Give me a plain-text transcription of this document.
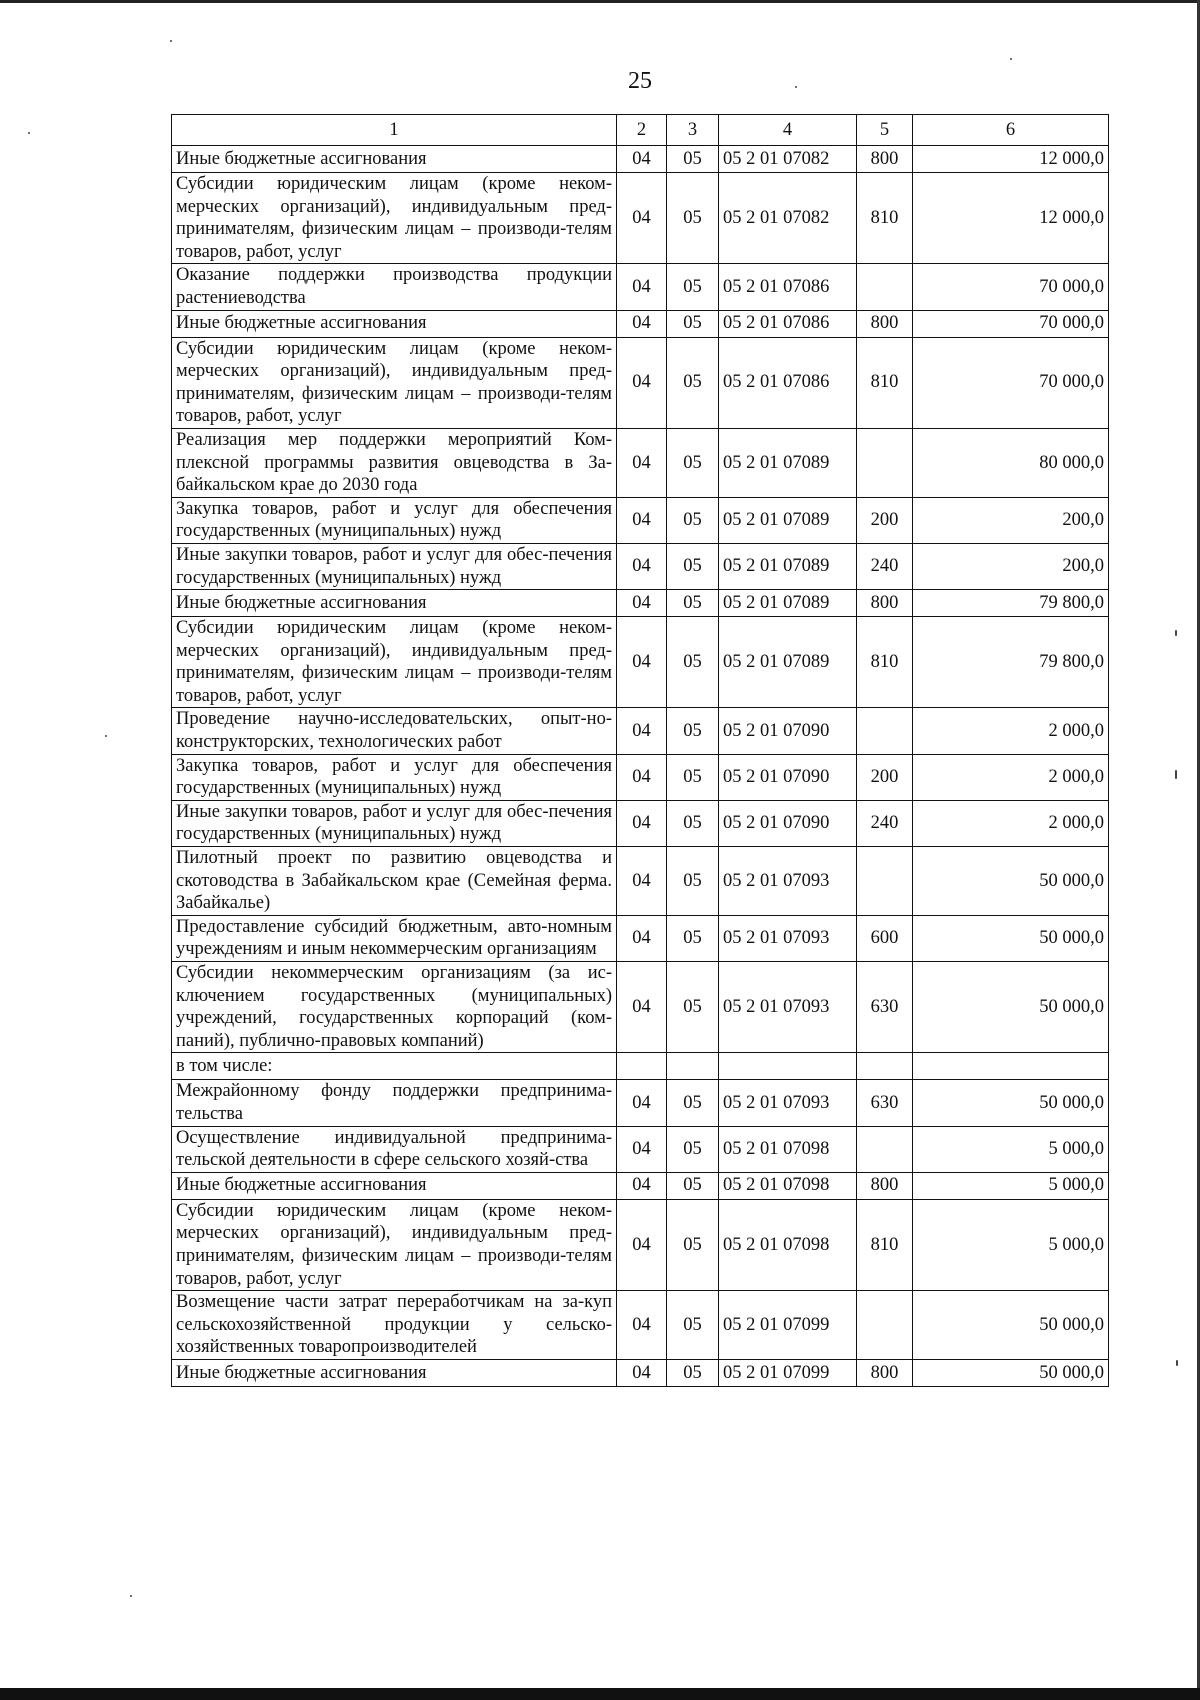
25
1	2	3	4	5	6
Иные бюджетные ассигнования	04	05	05 2 01 07082	800	12 000,0
Субсидии юридическим лицам (кроме неком-мерческих организаций), индивидуальным пред-принимателям, физическим лицам – производи-телям товаров, работ, услуг	04	05	05 2 01 07082	810	12 000,0
Оказание поддержки производства продукции растениеводства	04	05	05 2 01 07086		70 000,0
Иные бюджетные ассигнования	04	05	05 2 01 07086	800	70 000,0
Субсидии юридическим лицам (кроме неком-мерческих организаций), индивидуальным пред-принимателям, физическим лицам – производи-телям товаров, работ, услуг	04	05	05 2 01 07086	810	70 000,0
Реализация мер поддержки мероприятий Ком-плексной программы развития овцеводства в За-байкальском крае до 2030 года	04	05	05 2 01 07089		80 000,0
Закупка товаров, работ и услуг для обеспечения государственных (муниципальных) нужд	04	05	05 2 01 07089	200	200,0
Иные закупки товаров, работ и услуг для обес-печения государственных (муниципальных) нужд	04	05	05 2 01 07089	240	200,0
Иные бюджетные ассигнования	04	05	05 2 01 07089	800	79 800,0
Субсидии юридическим лицам (кроме неком-мерческих организаций), индивидуальным пред-принимателям, физическим лицам – производи-телям товаров, работ, услуг	04	05	05 2 01 07089	810	79 800,0
Проведение научно-исследовательских, опыт-но-конструкторских, технологических работ	04	05	05 2 01 07090		2 000,0
Закупка товаров, работ и услуг для обеспечения государственных (муниципальных) нужд	04	05	05 2 01 07090	200	2 000,0
Иные закупки товаров, работ и услуг для обес-печения государственных (муниципальных) нужд	04	05	05 2 01 07090	240	2 000,0
Пилотный проект по развитию овцеводства и скотоводства в Забайкальском крае (Семейная ферма. Забайкалье)	04	05	05 2 01 07093		50 000,0
Предоставление субсидий бюджетным, авто-номным учреждениям и иным некоммерческим организациям	04	05	05 2 01 07093	600	50 000,0
Субсидии некоммерческим организациям (за ис-ключением государственных (муниципальных) учреждений, государственных корпораций (ком-паний), публично-правовых компаний)	04	05	05 2 01 07093	630	50 000,0
в том числе:					
Межрайонному фонду поддержки предпринима-тельства	04	05	05 2 01 07093	630	50 000,0
Осуществление индивидуальной предпринима-тельской деятельности в сфере сельского хозяй-ства	04	05	05 2 01 07098		5 000,0
Иные бюджетные ассигнования	04	05	05 2 01 07098	800	5 000,0
Субсидии юридическим лицам (кроме неком-мерческих организаций), индивидуальным пред-принимателям, физическим лицам – производи-телям товаров, работ, услуг	04	05	05 2 01 07098	810	5 000,0
Возмещение части затрат переработчикам на за-куп сельскохозяйственной продукции у сельско-хозяйственных товаропроизводителей	04	05	05 2 01 07099		50 000,0
Иные бюджетные ассигнования	04	05	05 2 01 07099	800	50 000,0
